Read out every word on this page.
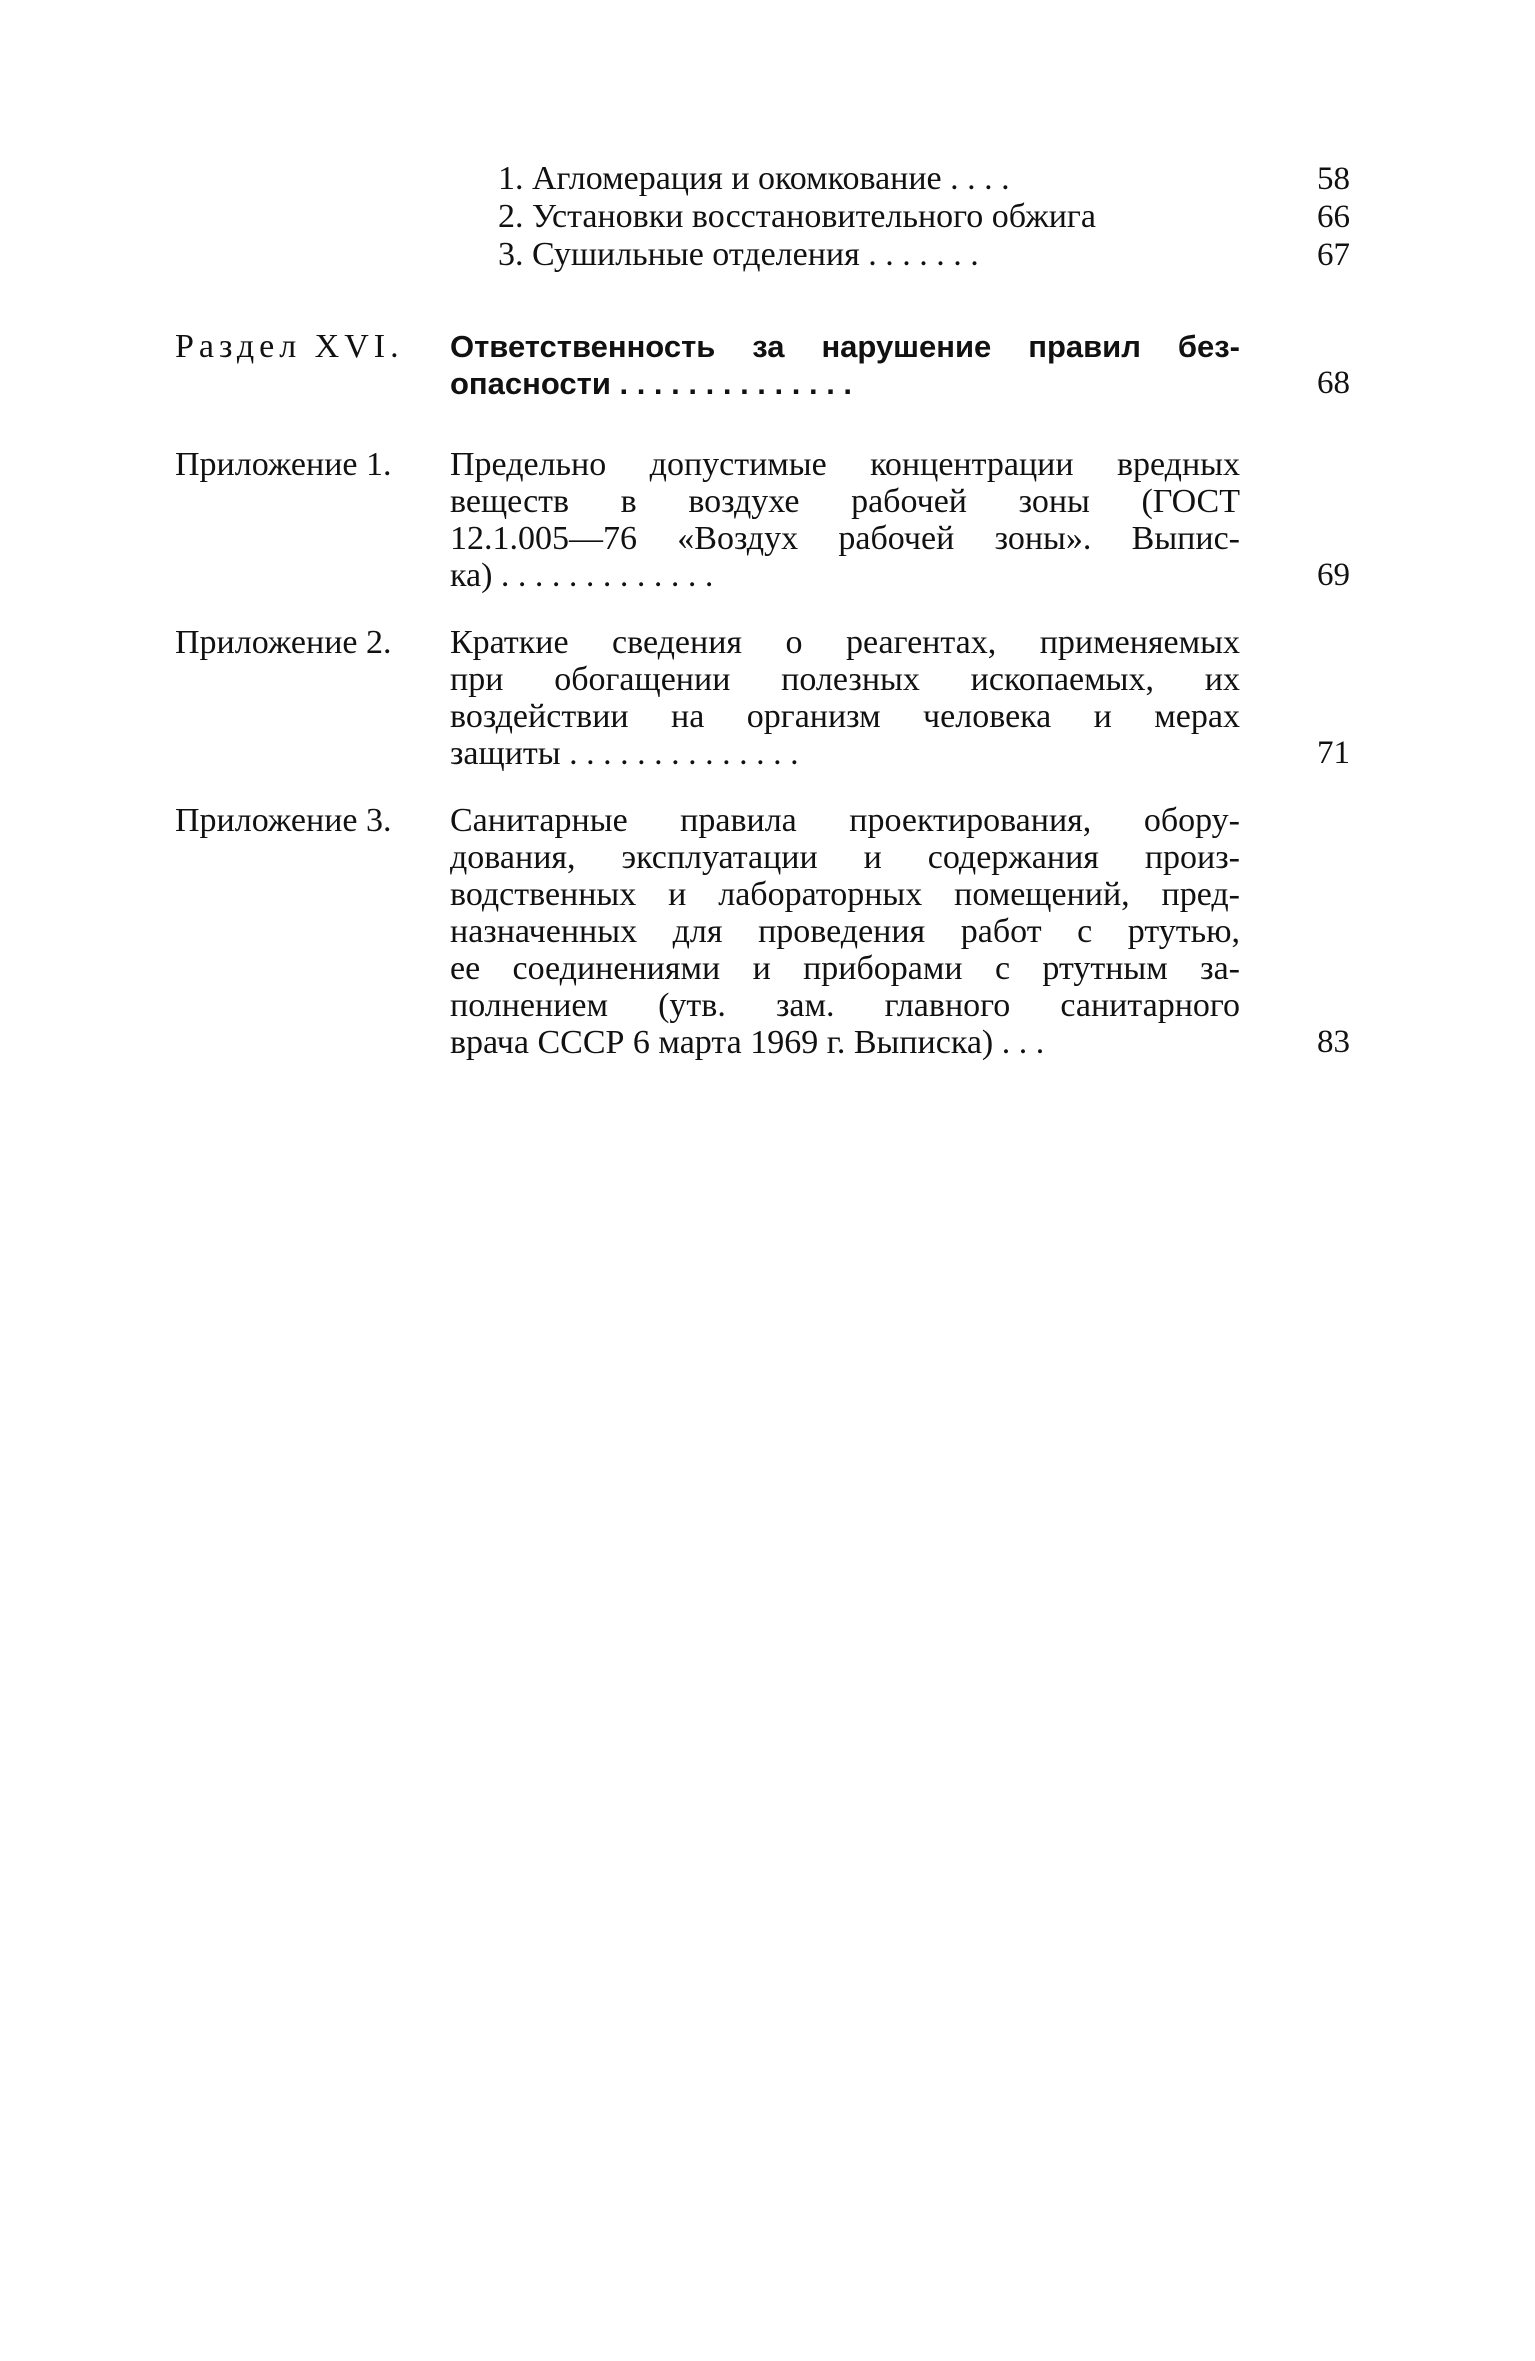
1. Агломерация и окомкование . . . .	58
2. Установки восстановительного обжига	66
3. Сушильные отделения . . . . . . .	67
Раздел XVI.	Ответственность за нарушение правил без-
опасности . . . . . . . . . . . . . .	68
Приложение 1.	Предельно допустимые концентрации вредных
веществ в воздухе рабочей зоны (ГОСТ
12.1.005—76 «Воздух рабочей зоны». Выпис-
ка) . . . . . . . . . . . . .	69
Приложение 2.	Краткие сведения о реагентах, применяемых
при обогащении полезных ископаемых, их
воздействии на организм человека и мерах
защиты . . . . . . . . . . . . . .	71
Приложение 3.	Санитарные правила проектирования, обору-
дования, эксплуатации и содержания произ-
водственных и лабораторных помещений, пред-
назначенных для проведения работ с ртутью,
ее соединениями и приборами с ртутным за-
полнением (утв. зам. главного санитарного
врача СССР 6 марта 1969 г. Выписка) . . .	83
